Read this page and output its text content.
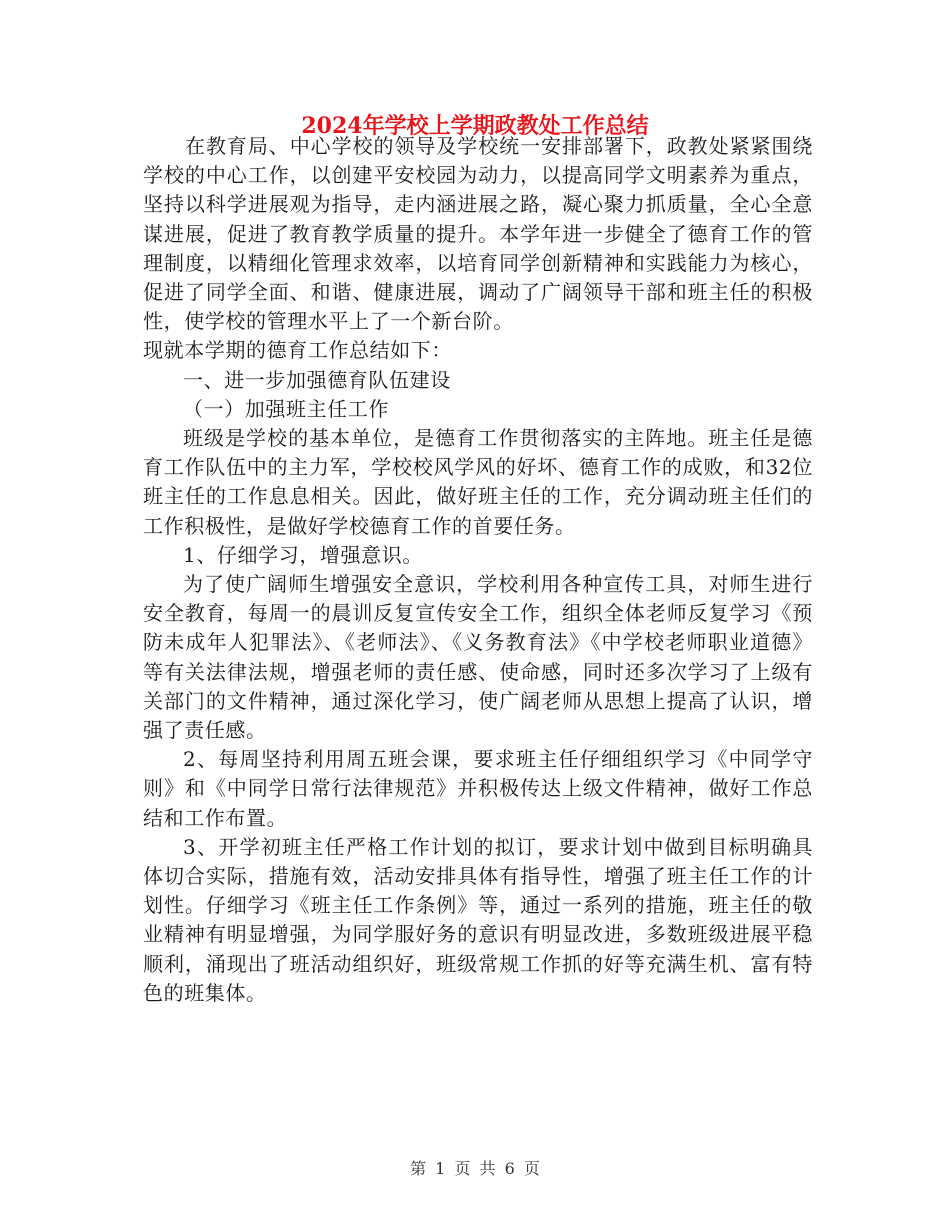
2024年学校上学期政教处工作总结

在教育局、中心学校的领导及学校统一安排部署下，政教处紧紧围绕学校的中心工作，以创建平安校园为动力，以提高同学文明素养为重点，坚持以科学进展观为指导，走内涵进展之路，凝心聚力抓质量，全心全意谋进展，促进了教育教学质量的提升。本学年进一步健全了德育工作的管理制度，以精细化管理求效率，以培育同学创新精神和实践能力为核心，促进了同学全面、和谐、健康进展，调动了广阔领导干部和班主任的积极性，使学校的管理水平上了一个新台阶。

现就本学期的德育工作总结如下：

一、进一步加强德育队伍建设

（一）加强班主任工作

班级是学校的基本单位，是德育工作贯彻落实的主阵地。班主任是德育工作队伍中的主力军，学校校风学风的好坏、德育工作的成败，和32位班主任的工作息息相关。因此，做好班主任的工作，充分调动班主任们的工作积极性，是做好学校德育工作的首要任务。

1、仔细学习，增强意识。

为了使广阔师生增强安全意识，学校利用各种宣传工具，对师生进行安全教育，每周一的晨训反复宣传安全工作，组织全体老师反复学习《预防未成年人犯罪法》、《老师法》、《义务教育法》《中学校老师职业道德》等有关法律法规，增强老师的责任感、使命感，同时还多次学习了上级有关部门的文件精神，通过深化学习，使广阔老师从思想上提高了认识，增强了责任感。

2、每周坚持利用周五班会课，要求班主任仔细组织学习《中同学守则》和《中同学日常行法律规范》并积极传达上级文件精神，做好工作总结和工作布置。

3、开学初班主任严格工作计划的拟订，要求计划中做到目标明确具体切合实际，措施有效，活动安排具体有指导性，增强了班主任工作的计划性。仔细学习《班主任工作条例》等，通过一系列的措施，班主任的敬业精神有明显增强，为同学服好务的意识有明显改进，多数班级进展平稳顺利，涌现出了班活动组织好，班级常规工作抓的好等充满生机、富有特色的班集体。

第 1 页 共 6 页
